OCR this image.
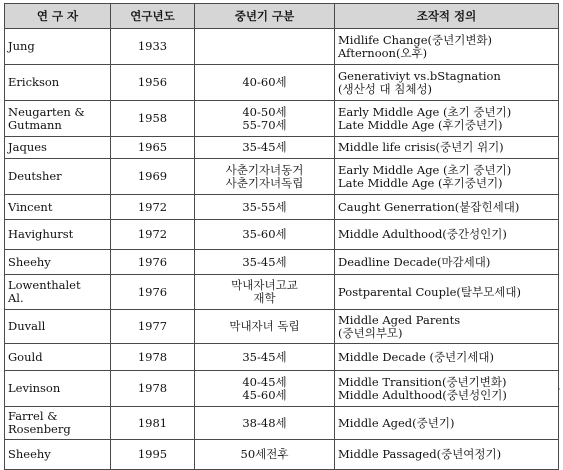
연 구 자	연구년도	중년기 구분	조작적 정의

Jung	1933		Midlife Change(중년기변화)
Afternoon(오후)

Erickson	1956	40-60세	Generativiyt vs.bStagnation
(생산성 대 침체성)

Neugarten &
Gutmann	1958	40-50세
55-70세	Early Middle Age (초기 중년기)
Late Middle Age (후기중년기)

Jaques	1965	35-45세	Middle life crisis(중년기 위기)

Deutsher	1969	사춘기자녀동거
사춘기자녀독립	Early Middle Age (초기 중년기)
Late Middle Age (후기중년기)

Vincent	1972	35-55세	Caught Generration(붙잡힌세대)

Havighurst	1972	35-60세	Middle Adulthood(중간성인기)

Sheehy	1976	35-45세	Deadline Decade(마감세대)

Lowenthalet
Al.	1976	막내자녀고교
재학	Postparental Couple(탈부모세대)

Duvall	1977	막내자녀 독립	Middle Aged Parents
(중년의부모)

Gould	1978	35-45세	Middle Decade (중년기세대)

Levinson	1978	40-45세
45-60세	Middle Transition(중년기변화)
Middle Adulthood(중년성인기)

Farrel &
Rosenberg	1981	38-48세	Middle Aged(중년기)

Sheehy	1995	50세전후	Middle Passaged(중년여정기)
·
